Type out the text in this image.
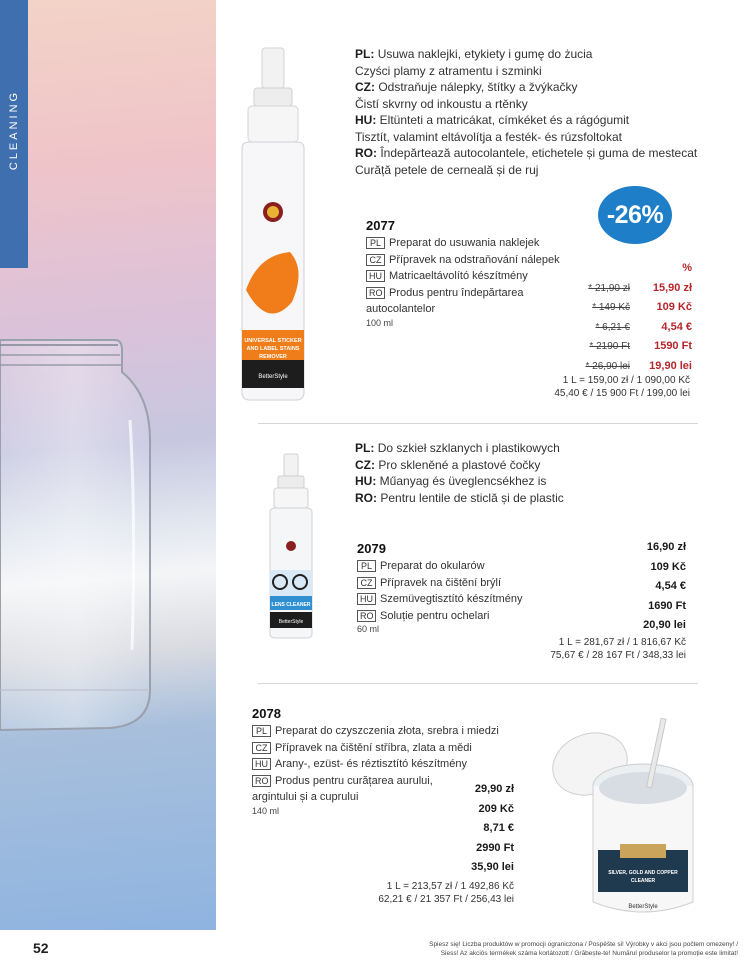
CLEANING
UNIVERSAL STICKER
AND LABEL STAINS
REMOVER
BetterStyle
PL: Usuwa naklejki, etykiety i gumę do żucia
Czyści plamy z atramentu i szminki
CZ: Odstraňuje nálepky, štítky a žvýkačky
Čistí skvrny od inkoustu a rtěnky
HU: Eltünteti a matricákat, címkéket és a rágógumit
Tisztít, valamint eltávolítja a festék- és rúzsfoltokat
RO: Îndepărtează autocolantele, etichetele și guma de mestecat
Curăță petele de cerneală și de ruj
2077
PL Preparat do usuwania naklejek
CZ Přípravek na odstraňování nálepek
HU Matricaeltávolító készítmény
RO Produs pentru îndepărtarea
autocolantelor
100 ml
-26%
%
* 21,90 zł 15,90 zł
* 149 Kč 109 Kč
* 6,21 €	4,54 €
* 2190 Ft 1590 Ft
* 26,90 lei 19,90 lei
1 L = 159,00 zł / 1 090,00 Kč
45,40 € / 15 900 Ft / 199,00 lei
LENS CLEANER
BetterStyle
PL: Do szkieł szklanych i plastikowych
CZ: Pro skleněné a plastové čočky
HU: Műanyag és üveglencsékhez is
RO: Pentru lentile de sticlă și de plastic
2079
PL Preparat do okularów
CZ Přípravek na čištění brýlí
HU Szemüvegtisztító készítmény
RO Soluție pentru ochelari
60 ml
16,90 zł
109 Kč
4,54 €
1690 Ft
20,90 lei
1 L = 281,67 zł / 1 816,67 Kč
75,67 € / 28 167 Ft / 348,33 lei
2078
PL Preparat do czyszczenia złota, srebra i miedzi
CZ Přípravek na čištění stříbra, zlata a mědi
HU Arany-, ezüst- és réztisztító készítmény
RO Produs pentru curățarea aurului,
argintului și a cuprului
140 ml
29,90 zł
209 Kč
8,71 €
2990 Ft
35,90 lei
1 L = 213,57 zł / 1 492,86 Kč
62,21 € / 21 357 Ft / 256,43 lei
SILVER, GOLD AND COPPER
CLEANER
BetterStyle
52	Spiesz się! Liczba produktów w promocji ograniczona / Pospěšte si! Výrobky v akci jsou počtem omezeny! /
Siess! Az akciós termékek száma korlátozott / Grăbește-te! Numărul produselor la promoție este limitat!
